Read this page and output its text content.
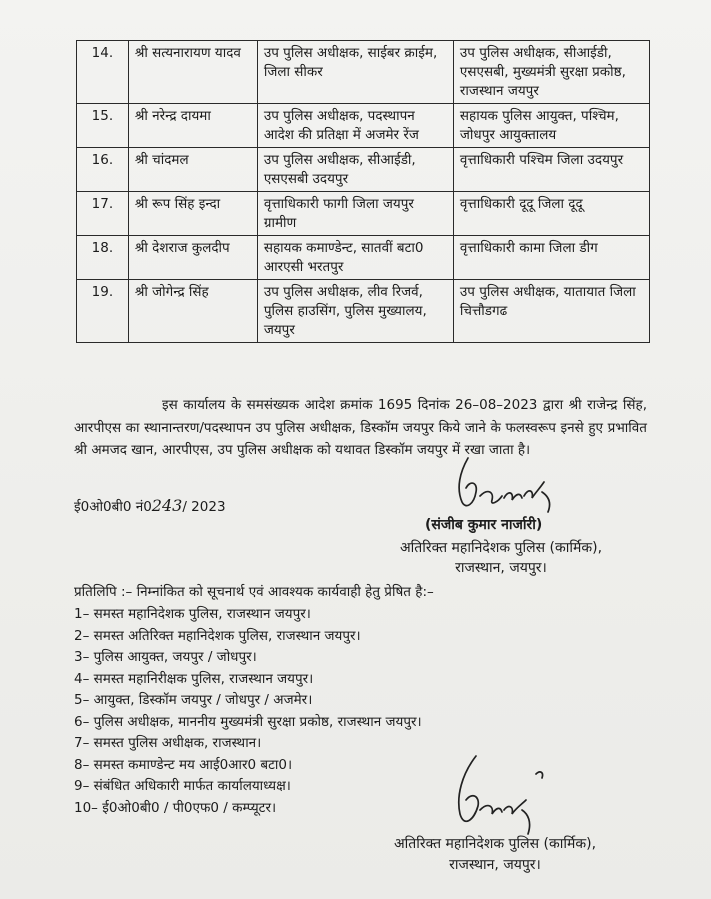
14.	श्री सत्यनारायण यादव	उप पुलिस अधीक्षक, साईबर क्राईम, जिला सीकर	उप पुलिस अधीक्षक, सीआईडी, एसएसबी, मुख्यमंत्री सुरक्षा प्रकोष्ठ, राजस्थान जयपुर
15.	श्री नरेन्द्र दायमा	उप पुलिस अधीक्षक, पदस्थापन आदेश की प्रतिक्षा में अजमेर रेंज	सहायक पुलिस आयुक्त, पश्चिम, जोधपुर आयुक्तालय
16.	श्री चांदमल	उप पुलिस अधीक्षक, सीआईडी, एसएसबी उदयपुर	वृत्ताधिकारी पश्चिम जिला उदयपुर
17.	श्री रूप सिंह इन्दा	वृत्ताधिकारी फागी जिला जयपुर ग्रामीण	वृत्ताधिकारी दूदू जिला दूदू
18.	श्री देशराज कुलदीप	सहायक कमाण्डेन्ट, सातवीं बटा0 आरएसी भरतपुर	वृत्ताधिकारी कामा जिला डीग
19.	श्री जोगेन्द्र सिंह	उप पुलिस अधीक्षक, लीव रिजर्व, पुलिस हाउसिंग, पुलिस मुख्यालय, जयपुर	उप पुलिस अधीक्षक, यातायात जिला चित्तौडगढ
इस कार्यालय के समसंख्यक आदेश क्रमांक 1695 दिनांक 26–08–2023 द्वारा श्री राजेन्द्र सिंह, आरपीएस का स्थानान्तरण/पदस्थापन उप पुलिस अधीक्षक, डिस्कॉम जयपुर किये जाने के फलस्वरूप इनसे हुए प्रभावित श्री अमजद खान, आरपीएस, उप पुलिस अधीक्षक को यथावत डिस्कॉम जयपुर में रखा जाता है।
ई0ओ0बी0 नं0243/ 2023
(संजीब कुमार नार्जारी)
अतिरिक्त महानिदेशक पुलिस (कार्मिक),
राजस्थान, जयपुर।
प्रतिलिपि :– निम्नांकित को सूचनार्थ एवं आवश्यक कार्यवाही हेतु प्रेषित है:–
1– समस्त महानिदेशक पुलिस, राजस्थान जयपुर।
2– समस्त अतिरिक्त महानिदेशक पुलिस, राजस्थान जयपुर।
3– पुलिस आयुक्त, जयपुर / जोधपुर।
4– समस्त महानिरीक्षक पुलिस, राजस्थान जयपुर।
5– आयुक्त, डिस्कॉम जयपुर / जोधपुर / अजमेर।
6– पुलिस अधीक्षक, माननीय मुख्यमंत्री सुरक्षा प्रकोष्ठ, राजस्थान जयपुर।
7– समस्त पुलिस अधीक्षक, राजस्थान।
8– समस्त कमाण्डेन्ट मय आई0आर0 बटा0।
9– संबंधित अधिकारी मार्फत कार्यालयाध्यक्ष।
10– ई0ओ0बी0 / पी0एफ0 / कम्प्यूटर।
अतिरिक्त महानिदेशक पुलिस (कार्मिक),
राजस्थान, जयपुर।
